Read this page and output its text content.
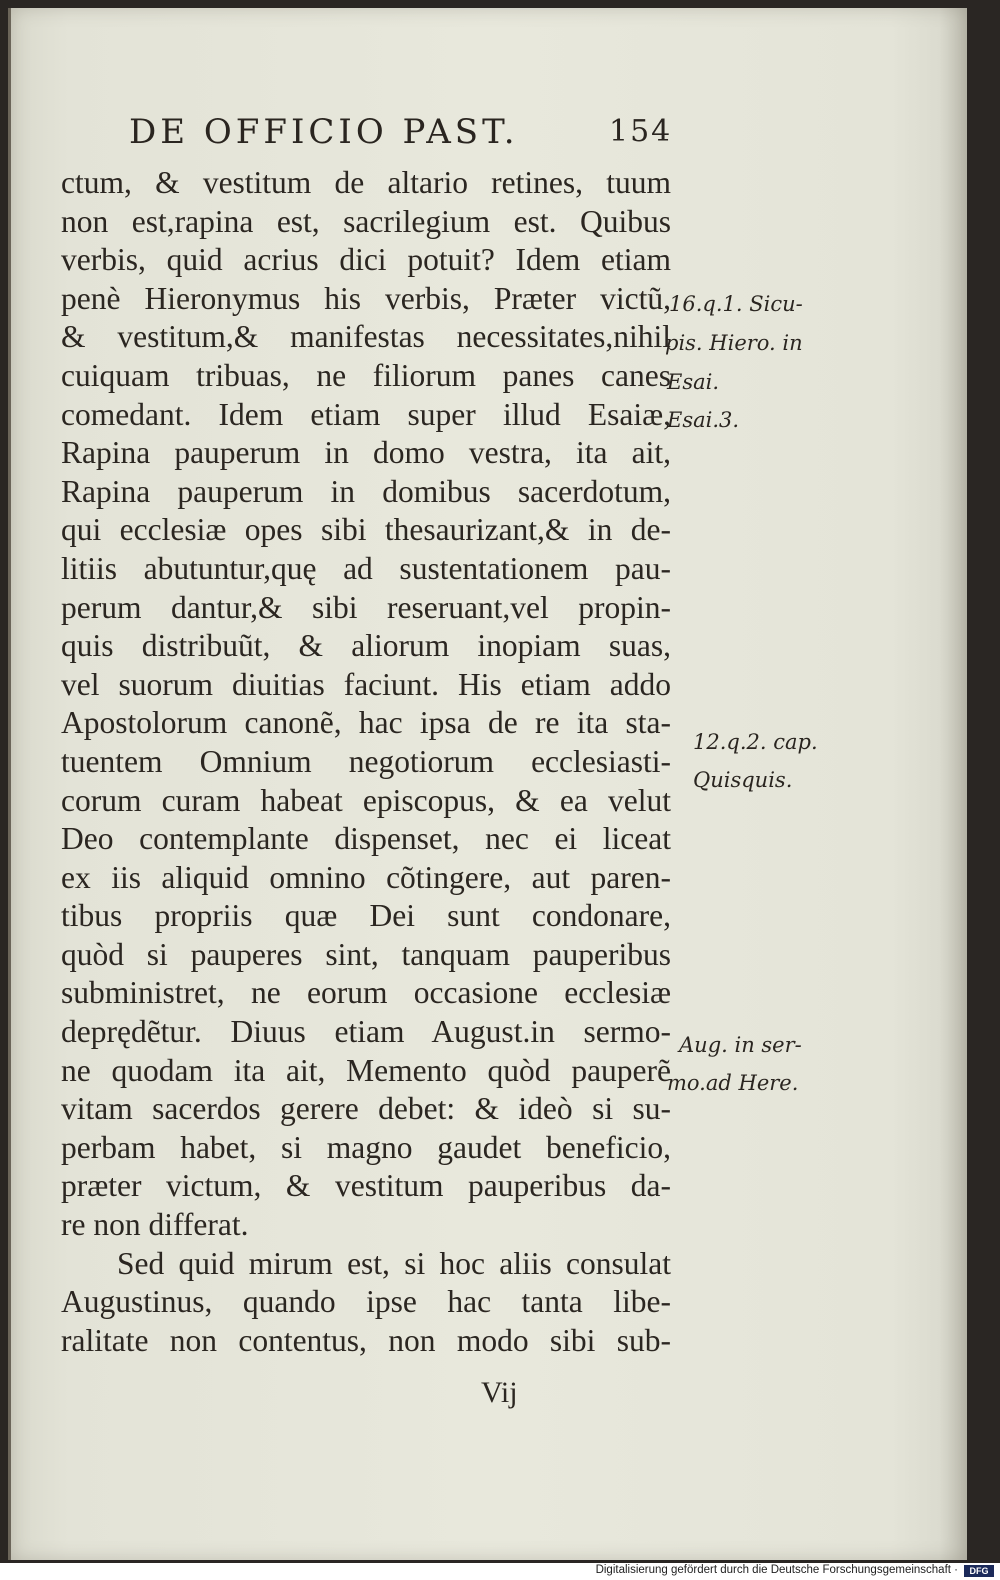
DE OFFICIO PAST.	154
ctum, & vestitum de altario retines, tuum
non est,rapina est, sacrilegium est. Quibus
verbis, quid acrius dici potuit? Idem etiam
penè Hieronymus his verbis, Præter victũ,
& vestitum,& manifestas necessitates,nihil
cuiquam tribuas, ne filiorum panes canes
comedant. Idem etiam super illud Esaiæ,
Rapina pauperum in domo vestra, ita ait,
Rapina pauperum in domibus sacerdotum,
qui ecclesiæ opes sibi thesaurizant,& in de-
litiis abutuntur,quę ad sustentationem pau-
perum dantur,& sibi reseruant,vel propin-
quis distribuũt, & aliorum inopiam suas,
vel suorum diuitias faciunt. His etiam addo
Apostolorum canonẽ, hac ipsa de re ita sta-
tuentem Omnium negotiorum ecclesiasti-
corum curam habeat episcopus, & ea velut
Deo contemplante dispenset, nec ei liceat
ex iis aliquid omnino cõtingere, aut paren-
tibus propriis quæ Dei sunt condonare,
quòd si pauperes sint, tanquam pauperibus
subministret, ne eorum occasione ecclesiæ
deprędẽtur. Diuus etiam August.in sermo-
ne quodam ita ait, Memento quòd pauperẽ
vitam sacerdos gerere debet: & ideò si su-
perbam habet, si magno gaudet beneficio,
præter victum, & vestitum pauperibus da-
re non differat.
Sed quid mirum est, si hoc aliis consulat
Augustinus, quando ipse hac tanta libe-
ralitate non contentus, non modo sibi sub-
Vij
16.q.1. Sicu-
pis. Hiero. in
Esai.
Esai.3.
12.q.2. cap.
Quisquis.
Aug. in ser-
mo.ad Here.
Digitalisierung gefördert durch die Deutsche Forschungsgemeinschaft ·	DFG
